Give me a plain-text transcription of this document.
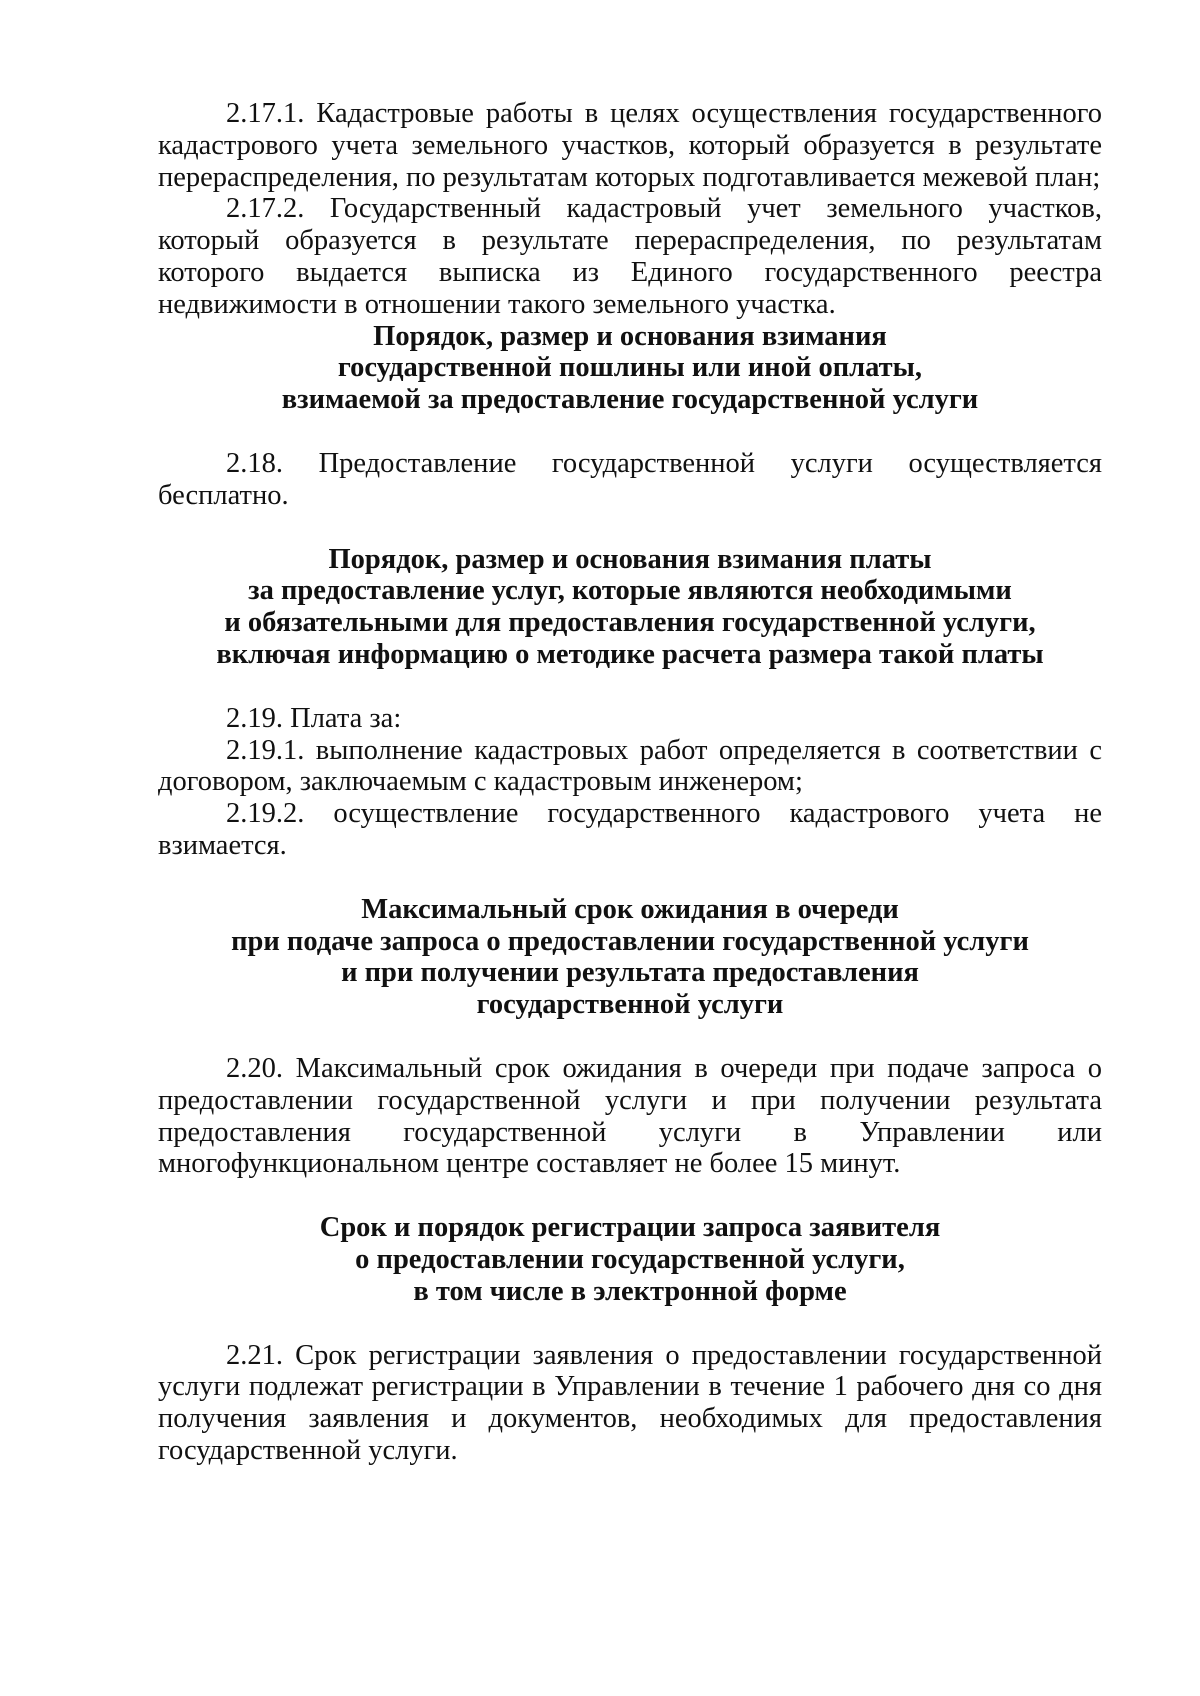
2.17.1. Кадастровые работы в целях осуществления государственного кадастрового учета земельного участков, который образуется в результате перераспределения, по результатам которых подготавливается межевой план;

2.17.2. Государственный кадастровый учет земельного участков, который образуется в результате перераспределения, по результатам которого выдается выписка из Единого государственного реестра недвижимости в отношении такого земельного участка.

Порядок, размер и основания взимания
государственной пошлины или иной оплаты,
взимаемой за предоставление государственной услуги

2.18. Предоставление государственной услуги осуществляется бесплатно.

Порядок, размер и основания взимания платы
за предоставление услуг, которые являются необходимыми
и обязательными для предоставления государственной услуги,
включая информацию о методике расчета размера такой платы

2.19. Плата за:

2.19.1. выполнение кадастровых работ определяется в соответствии с договором, заключаемым с кадастровым инженером;

2.19.2. осуществление государственного кадастрового учета не взимается.

Максимальный срок ожидания в очереди
при подаче запроса о предоставлении государственной услуги
и при получении результата предоставления
государственной услуги

2.20. Максимальный срок ожидания в очереди при подаче запроса о предоставлении государственной услуги и при получении результата предоставления государственной услуги в Управлении или многофункциональном центре составляет не более 15 минут.

Срок и порядок регистрации запроса заявителя
о предоставлении государственной услуги,
в том числе в электронной форме

2.21. Срок регистрации заявления о предоставлении государственной услуги подлежат регистрации в Управлении в течение 1 рабочего дня со дня получения заявления и документов, необходимых для предоставления государственной услуги.
